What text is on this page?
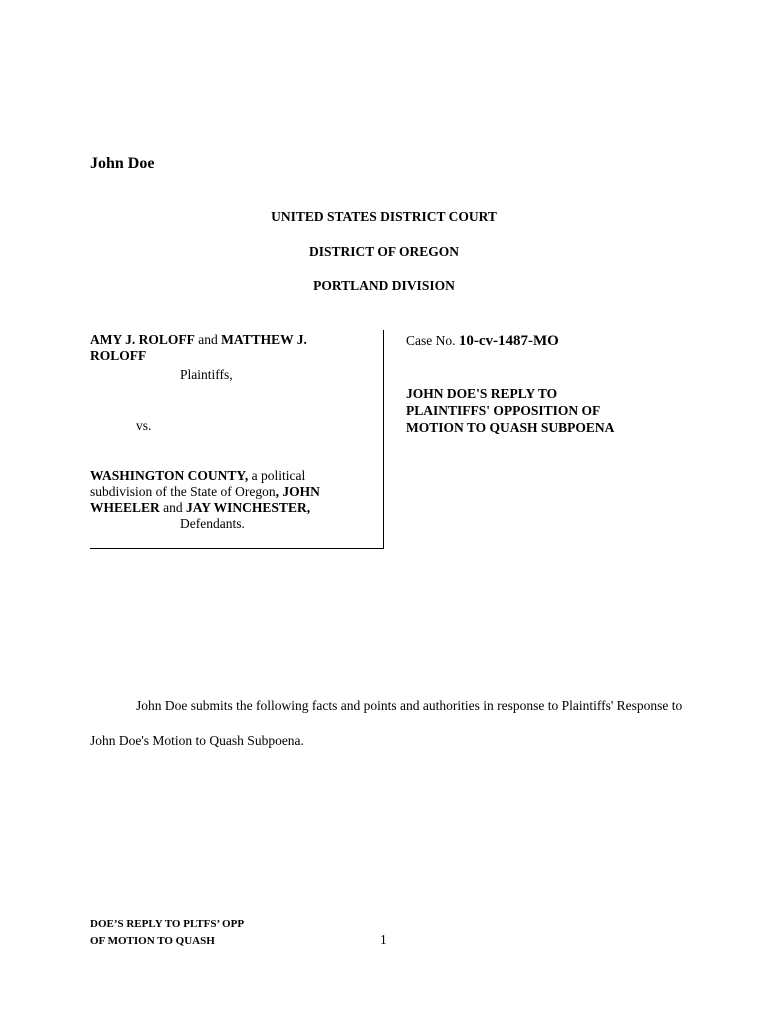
John Doe
UNITED STATES DISTRICT COURT
DISTRICT OF OREGON
PORTLAND DIVISION
AMY J. ROLOFF and MATTHEW J. ROLOFF
Plaintiffs,
vs.
WASHINGTON COUNTY, a political subdivision of the State of Oregon, JOHN WHEELER and JAY WINCHESTER,
Defendants.
Case No. 10-cv-1487-MO
JOHN DOE'S REPLY TO
PLAINTIFFS' OPPOSITION OF
MOTION TO QUASH SUBPOENA
John Doe submits the following facts and points and authorities in response to Plaintiffs' Response to John Doe's Motion to Quash Subpoena.
DOE’S REPLY TO PLTFS’ OPP
OF MOTION TO QUASH	1
